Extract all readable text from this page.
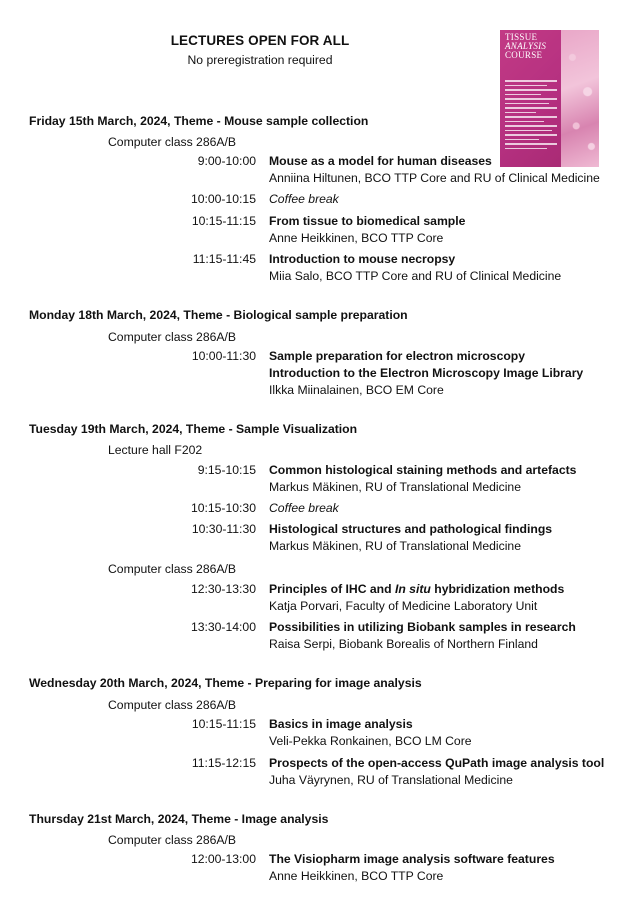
LECTURES OPEN FOR ALL
No preregistration required
TISSUE
ANALYSIS
COURSE
Friday 15th March, 2024, Theme - Mouse sample collection
Computer class 286A/B
9:00-10:00 Mouse as a model for human diseases
Anniina Hiltunen, BCO TTP Core and RU of Clinical Medicine
10:00-10:15 Coffee break
10:15-11:15 From tissue to biomedical sample
Anne Heikkinen, BCO TTP Core
11:15-11:45 Introduction to mouse necropsy
Miia Salo, BCO TTP Core and RU of Clinical Medicine
Monday 18th March, 2024, Theme - Biological sample preparation
Computer class 286A/B
10:00-11:30 Sample preparation for electron microscopy
Introduction to the Electron Microscopy Image Library
Ilkka Miinalainen, BCO EM Core
Tuesday 19th March, 2024, Theme - Sample Visualization
Lecture hall F202
9:15-10:15 Common histological staining methods and artefacts
Markus Mäkinen, RU of Translational Medicine
10:15-10:30 Coffee break
10:30-11:30 Histological structures and pathological findings
Markus Mäkinen, RU of Translational Medicine
Computer class 286A/B
12:30-13:30 Principles of IHC and In situ hybridization methods
Katja Porvari, Faculty of Medicine Laboratory Unit
13:30-14:00 Possibilities in utilizing Biobank samples in research
Raisa Serpi, Biobank Borealis of Northern Finland
Wednesday 20th March, 2024, Theme - Preparing for image analysis
Computer class 286A/B
10:15-11:15 Basics in image analysis
Veli-Pekka Ronkainen, BCO LM Core
11:15-12:15 Prospects of the open-access QuPath image analysis tool
Juha Väyrynen, RU of Translational Medicine
Thursday 21st March, 2024, Theme - Image analysis
Computer class 286A/B
12:00-13:00 The Visiopharm image analysis software features
Anne Heikkinen, BCO TTP Core
